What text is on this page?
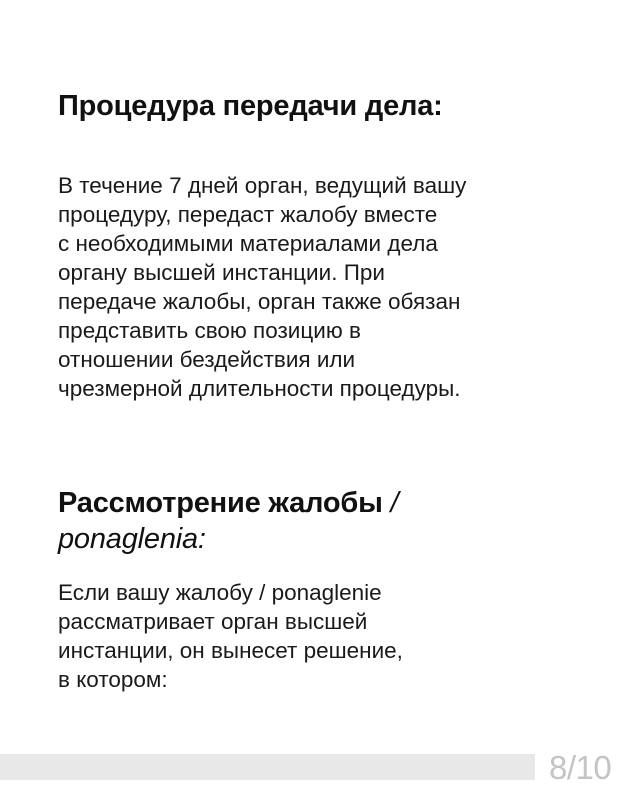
Процедура передачи дела:

В течение 7 дней орган, ведущий вашу
процедуру, передаст жалобу вместе
с необходимыми материалами дела
органу высшей инстанции. При
передаче жалобы, орган также обязан
представить свою позицию в
отношении бездействия или
чрезмерной длительности процедуры.

Рассмотрение жалобы /
ponaglenia:

Если вашу жалобу / ponaglenie
рассматривает орган высшей
инстанции, он вынесет решение,
в котором:

8/10
